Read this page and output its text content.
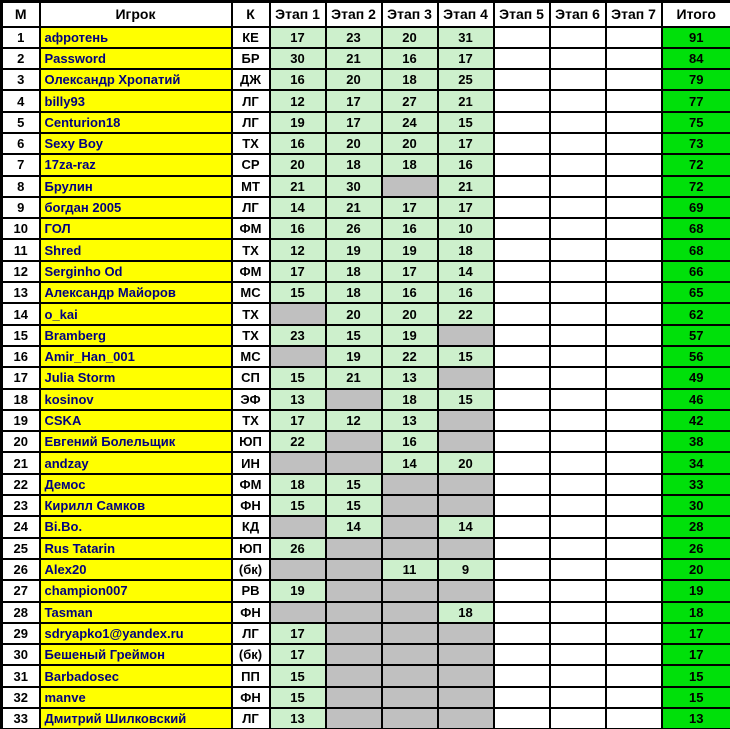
М	Игрок	К	Этап 1	Этап 2	Этап 3	Этап 4	Этап 5	Этап 6	Этап 7	Итого
1	афротень	КЕ	17	23	20	31				91
2	Password	БР	30	21	16	17				84
3	Олександр Хропатий	ДЖ	16	20	18	25				79
4	billy93	ЛГ	12	17	27	21				77
5	Centurion18	ЛГ	19	17	24	15				75
6	Sexy Boy	ТХ	16	20	20	17				73
7	17za-raz	СР	20	18	18	16				72
8	Брулин	МТ	21	30		21				72
9	богдан 2005	ЛГ	14	21	17	17				69
10	ГОЛ	ФМ	16	26	16	10				68
11	Shred	ТХ	12	19	19	18				68
12	Serginho Od	ФМ	17	18	17	14				66
13	Александр Майоров	МС	15	18	16	16				65
14	o_kai	ТХ		20	20	22				62
15	Bramberg	ТХ	23	15	19					57
16	Amir_Han_001	МС		19	22	15				56
17	Julia Storm	СП	15	21	13					49
18	kosinov	ЭФ	13		18	15				46
19	CSKA	ТХ	17	12	13					42
20	Евгений Болельщик	ЮП	22		16					38
21	andzay	ИН			14	20				34
22	Демос	ФМ	18	15						33
23	Кирилл Самков	ФН	15	15						30
24	Bi.Bo.	КД		14		14				28
25	Rus Tatarin	ЮП	26							26
26	Alex20	(бк)			11	9				20
27	champion007	РВ	19							19
28	Tasman	ФН				18				18
29	sdryapko1@yandex.ru	ЛГ	17							17
30	Бешеный Греймон	(бк)	17							17
31	Barbadosec	ПП	15							15
32	manve	ФН	15							15
33	Дмитрий Шилковский	ЛГ	13							13
